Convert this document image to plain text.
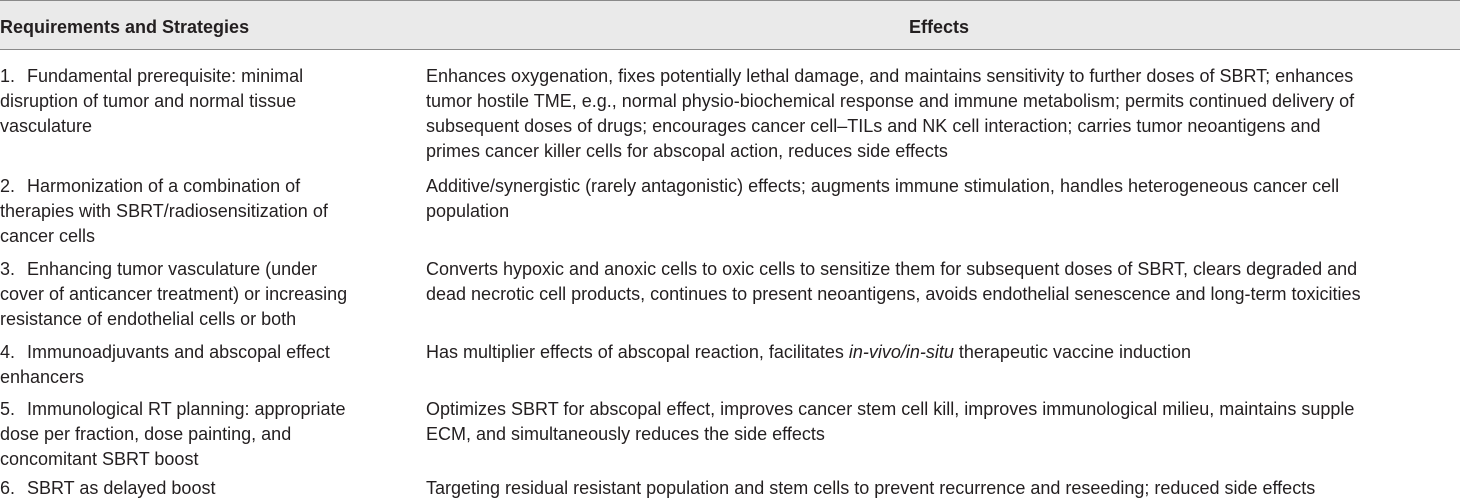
Requirements and Strategies	Effects
1. Fundamental prerequisite: minimal
disruption of tumor and normal tissue
vasculature
Enhances oxygenation, fixes potentially lethal damage, and maintains sensitivity to further doses of SBRT; enhances
tumor hostile TME, e.g., normal physio-biochemical response and immune metabolism; permits continued delivery of
subsequent doses of drugs; encourages cancer cell–TILs and NK cell interaction; carries tumor neoantigens and
primes cancer killer cells for abscopal action, reduces side effects
2. Harmonization of a combination of
therapies with SBRT/radiosensitization of
cancer cells
Additive/synergistic (rarely antagonistic) effects; augments immune stimulation, handles heterogeneous cancer cell
population
3. Enhancing tumor vasculature (under
cover of anticancer treatment) or increasing
resistance of endothelial cells or both
Converts hypoxic and anoxic cells to oxic cells to sensitize them for subsequent doses of SBRT, clears degraded and
dead necrotic cell products, continues to present neoantigens, avoids endothelial senescence and long-term toxicities
4. Immunoadjuvants and abscopal effect
enhancers
Has multiplier effects of abscopal reaction, facilitates in-vivo/in-situ therapeutic vaccine induction
5. Immunological RT planning: appropriate
dose per fraction, dose painting, and
concomitant SBRT boost
Optimizes SBRT for abscopal effect, improves cancer stem cell kill, improves immunological milieu, maintains supple
ECM, and simultaneously reduces the side effects
6. SBRT as delayed boost	Targeting residual resistant population and stem cells to prevent recurrence and reseeding; reduced side effects
